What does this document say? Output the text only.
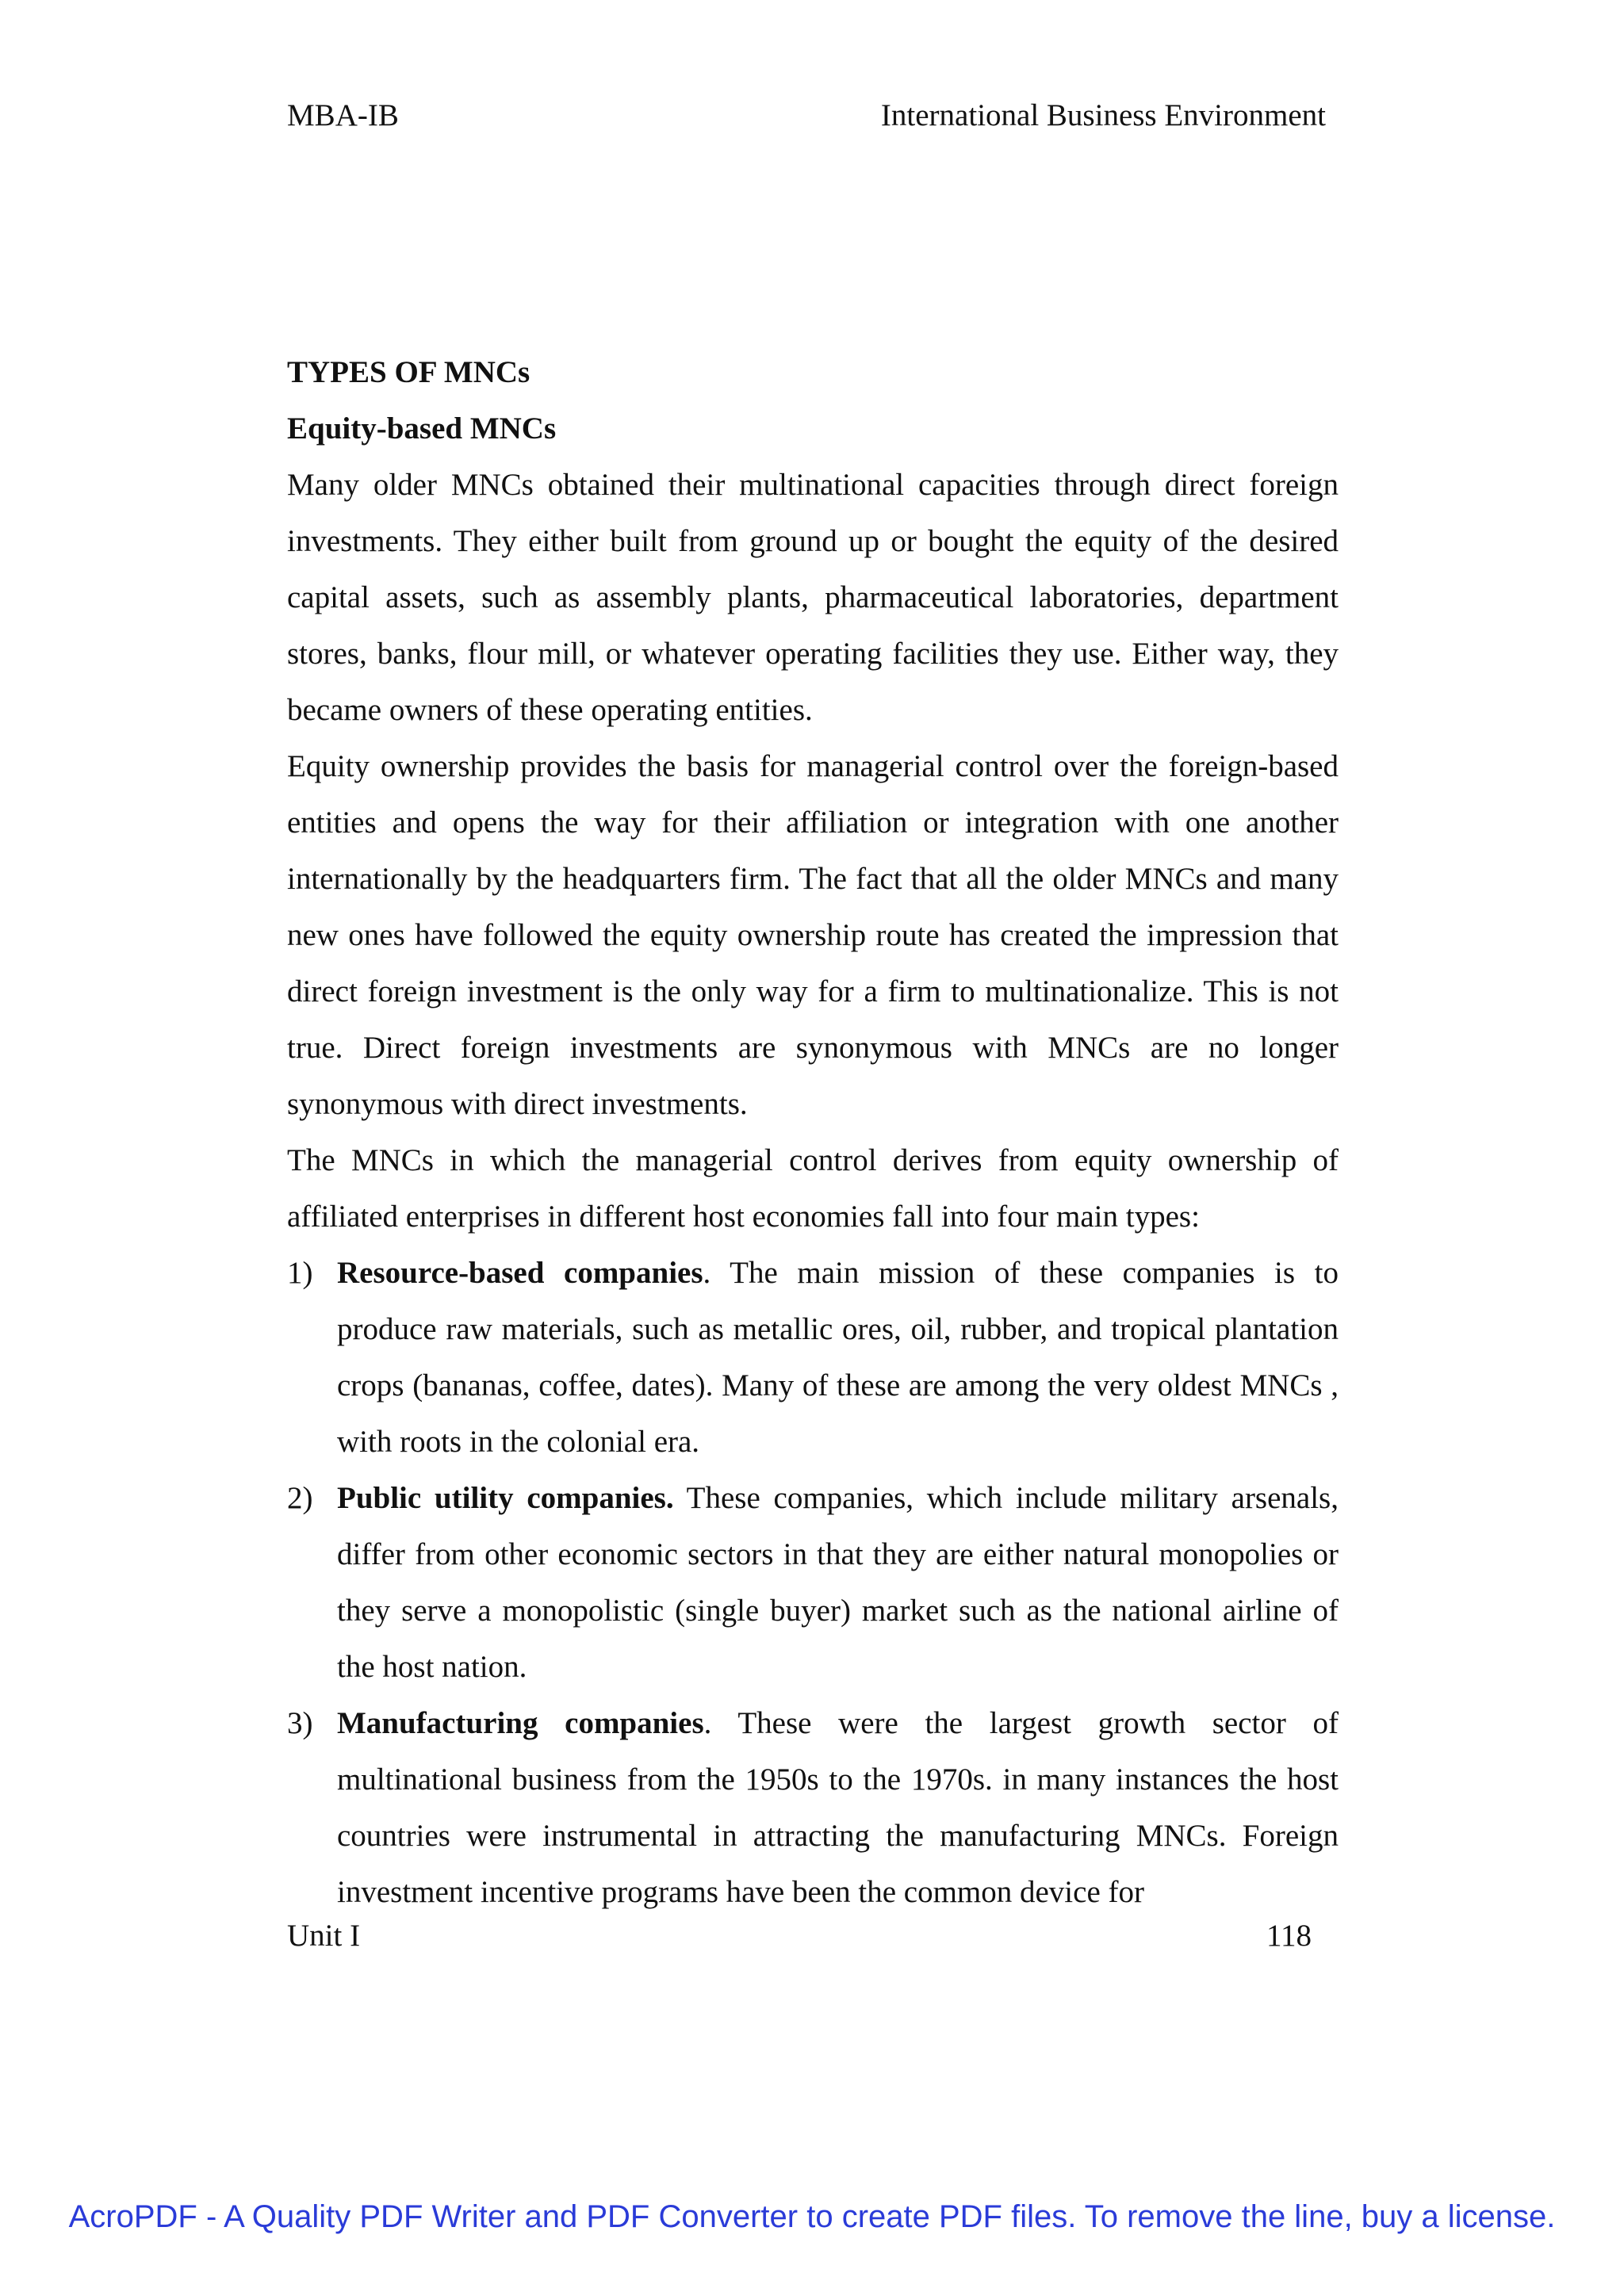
MBA-IB	International Business Environment

TYPES OF MNCs

Equity-based MNCs

Many older MNCs obtained their multinational capacities through direct foreign investments. They either built from ground up or bought the equity of the desired capital assets, such as assembly plants, pharmaceutical laboratories, department stores, banks, flour mill, or whatever operating facilities they use. Either way, they became owners of these operating entities.

Equity ownership provides the basis for managerial control over the foreign-based entities and opens the way for their affiliation or integration with one another internationally by the headquarters firm. The fact that all the older MNCs and many new ones have followed the equity ownership route has created the impression that direct foreign investment is the only way for a firm to multinationalize. This is not true. Direct foreign investments are synonymous with MNCs are no longer synonymous with direct investments.

The MNCs in which the managerial control derives from equity ownership of affiliated enterprises in different host economies fall into four main types:

1) Resource-based companies. The main mission of these companies is to produce raw materials, such as metallic ores, oil, rubber, and tropical plantation crops (bananas, coffee, dates). Many of these are among the very oldest MNCs , with roots in the colonial era.
2) Public utility companies. These companies, which include military arsenals, differ from other economic sectors in that they are either natural monopolies or they serve a monopolistic (single buyer) market such as the national airline of the host nation.
3) Manufacturing companies. These were the largest growth sector of multinational business from the 1950s to the 1970s. in many instances the host countries were instrumental in attracting the manufacturing MNCs. Foreign investment incentive programs have been the common device for
Unit I	118
AcroPDF - A Quality PDF Writer and PDF Converter to create PDF files. To remove the line, buy a license.
